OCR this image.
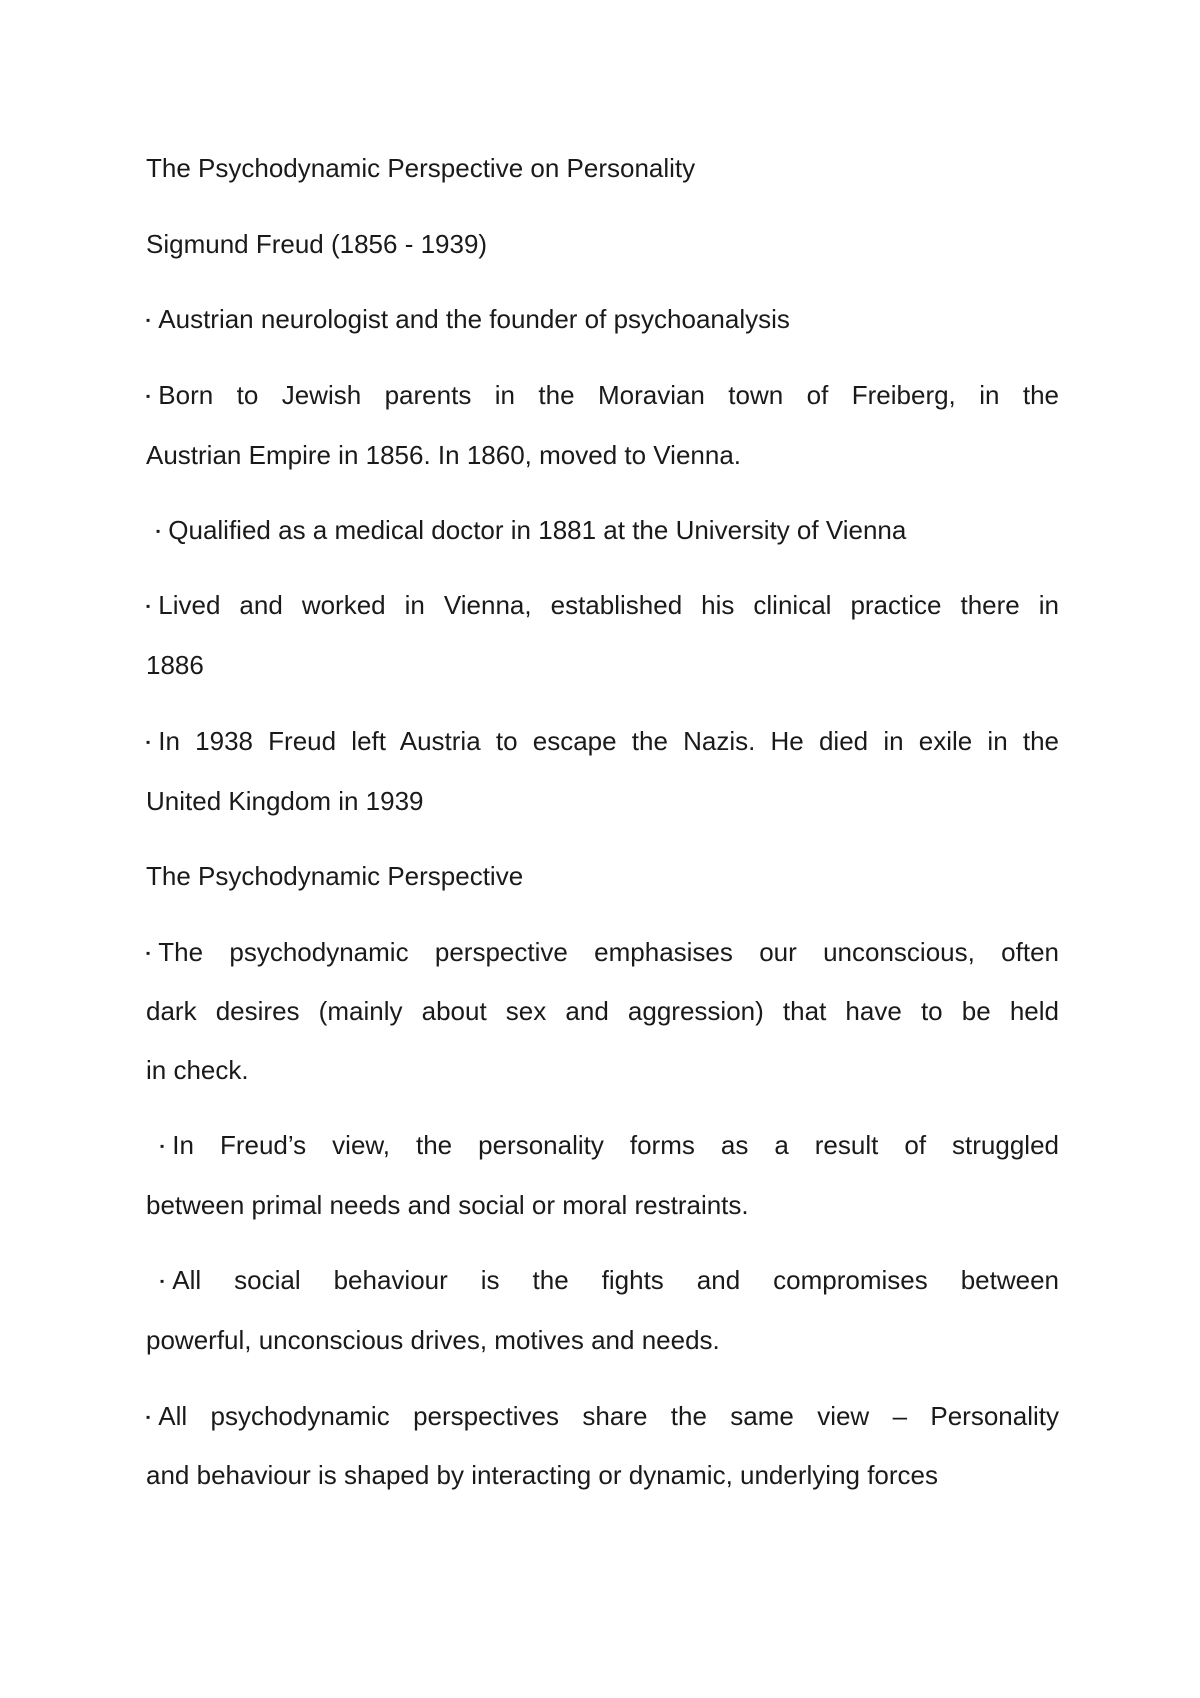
The Psychodynamic Perspective on Personality

Sigmund Freud (1856 - 1939)

▪ Austrian neurologist and the founder of psychoanalysis

▪ Born to Jewish parents in the Moravian town of Freiberg, in the

Austrian Empire in 1856. In 1860, moved to Vienna.

▪ Qualified as a medical doctor in 1881 at the University of Vienna

▪ Lived and worked in Vienna, established his clinical practice there in

1886

▪ In 1938 Freud left Austria to escape the Nazis. He died in exile in the

United Kingdom in 1939

The Psychodynamic Perspective

▪ The psychodynamic perspective emphasises our unconscious, often

dark desires (mainly about sex and aggression) that have to be held

in check.

▪ In Freud’s view, the personality forms as a result of struggled

between primal needs and social or moral restraints.

▪ All social behaviour is the fights and compromises between

powerful, unconscious drives, motives and needs.

▪ All psychodynamic perspectives share the same view – Personality

and behaviour is shaped by interacting or dynamic, underlying forces
